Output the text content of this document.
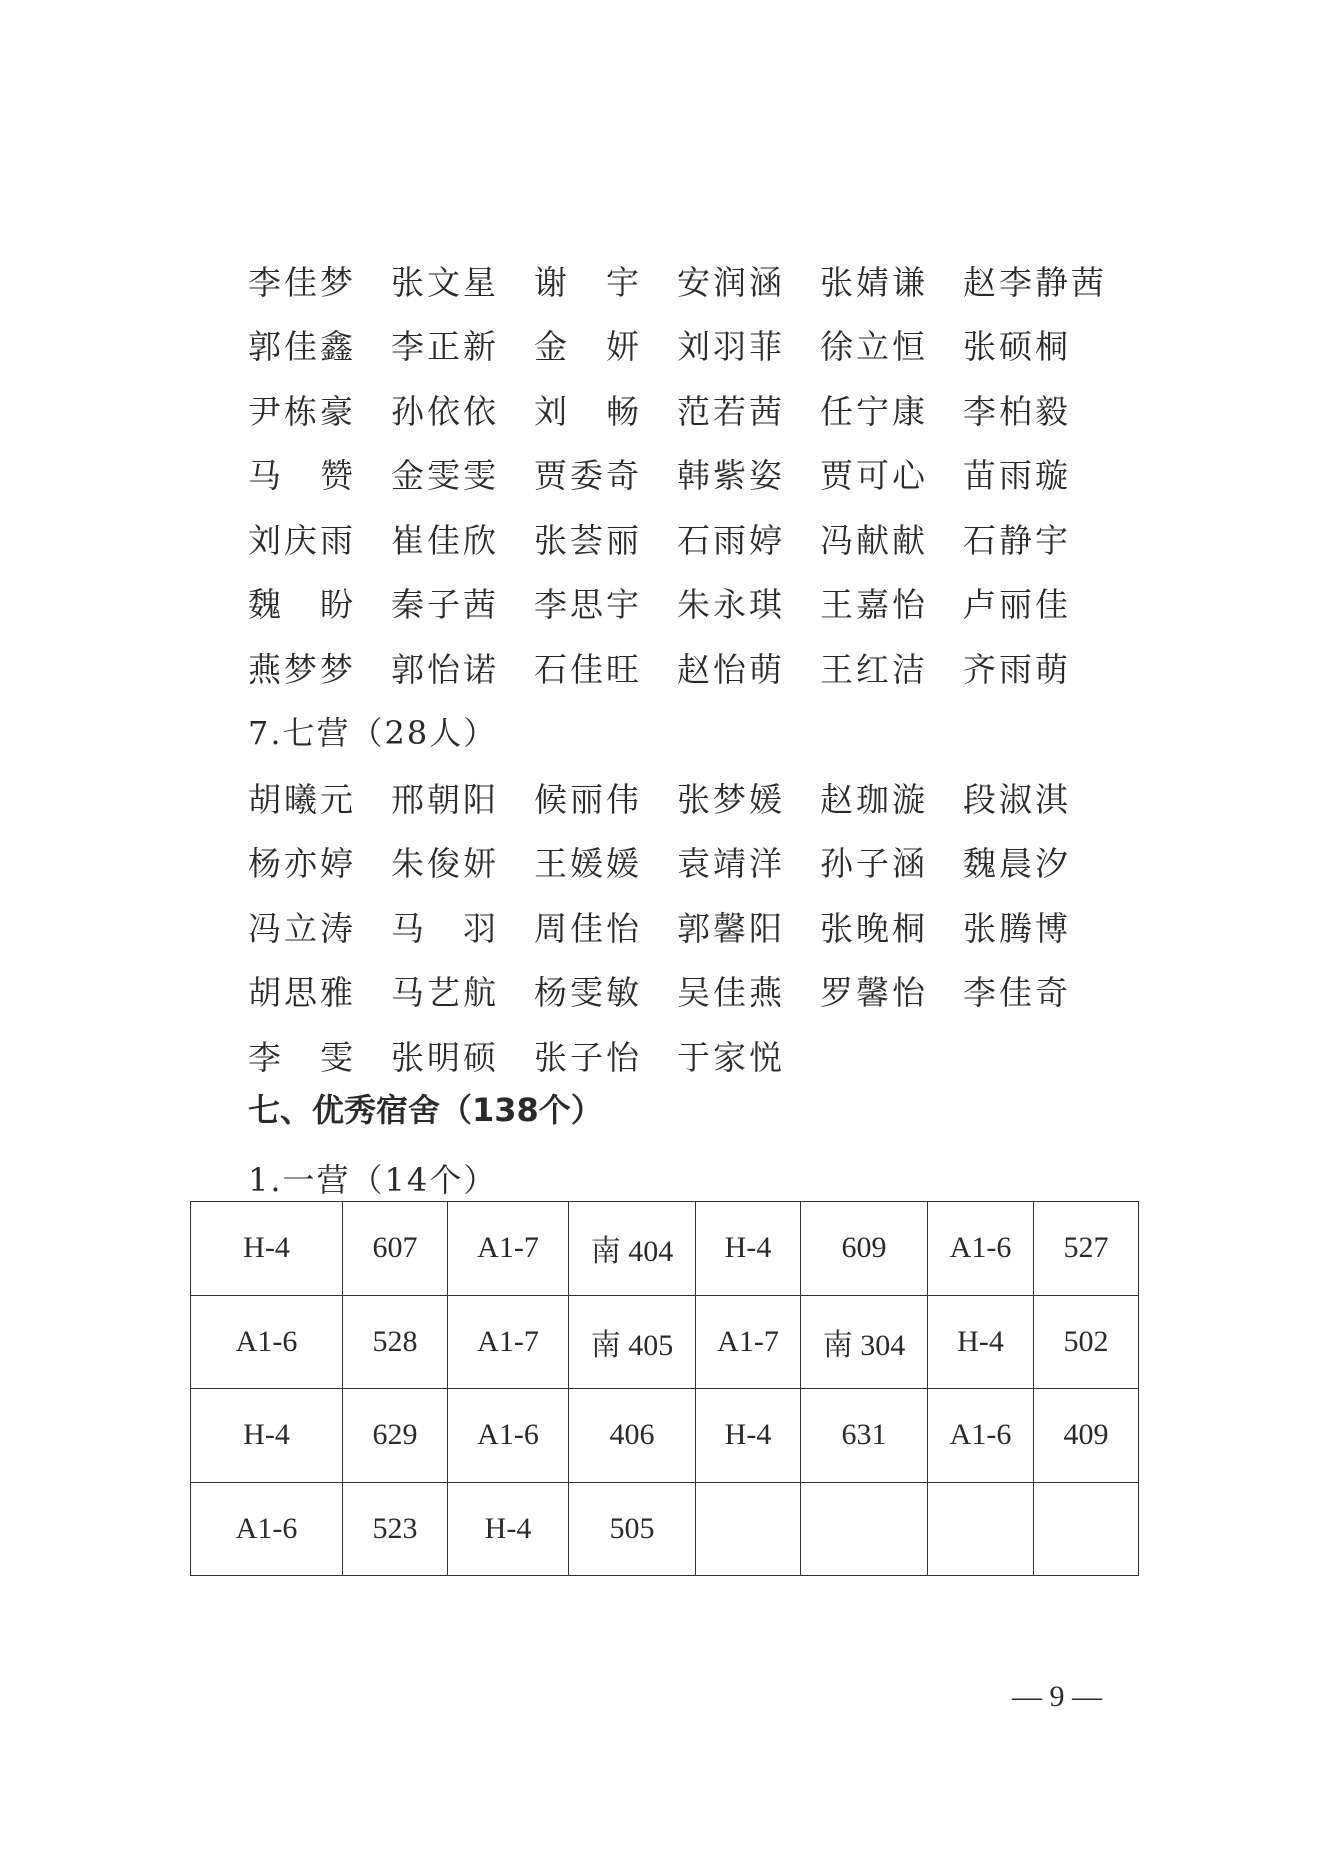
李佳梦	张文星	谢　宇	安润涵	张婧谦	赵李静茜
郭佳鑫	李正新	金　妍	刘羽菲	徐立恒	张硕桐
尹栋豪	孙依依	刘　畅	范若茜	任宁康	李柏毅
马　赞	金雯雯	贾委奇	韩紫姿	贾可心	苗雨璇
刘庆雨	崔佳欣	张荟丽	石雨婷	冯献献	石静宇
魏　盼	秦子茜	李思宇	朱永琪	王嘉怡	卢丽佳
燕梦梦	郭怡诺	石佳旺	赵怡萌	王红洁	齐雨萌
7.七营（28人）
胡曦元	邢朝阳	候丽伟	张梦媛	赵珈漩	段淑淇
杨亦婷	朱俊妍	王媛媛	袁靖洋	孙子涵	魏晨汐
冯立涛	马　羽	周佳怡	郭馨阳	张晚桐	张腾博
胡思雅	马艺航	杨雯敏	吴佳燕	罗馨怡	李佳奇
李　雯	张明硕	张子怡	于家悦
七、优秀宿舍（138个）
1.一营（14个）
H-4	607	A1-7	南 404	H-4	609	A1-6	527
A1-6	528	A1-7	南 405	A1-7	南 304	H-4	502
H-4	629	A1-6	406	H-4	631	A1-6	409
A1-6	523	H-4	505				
— 9 —
